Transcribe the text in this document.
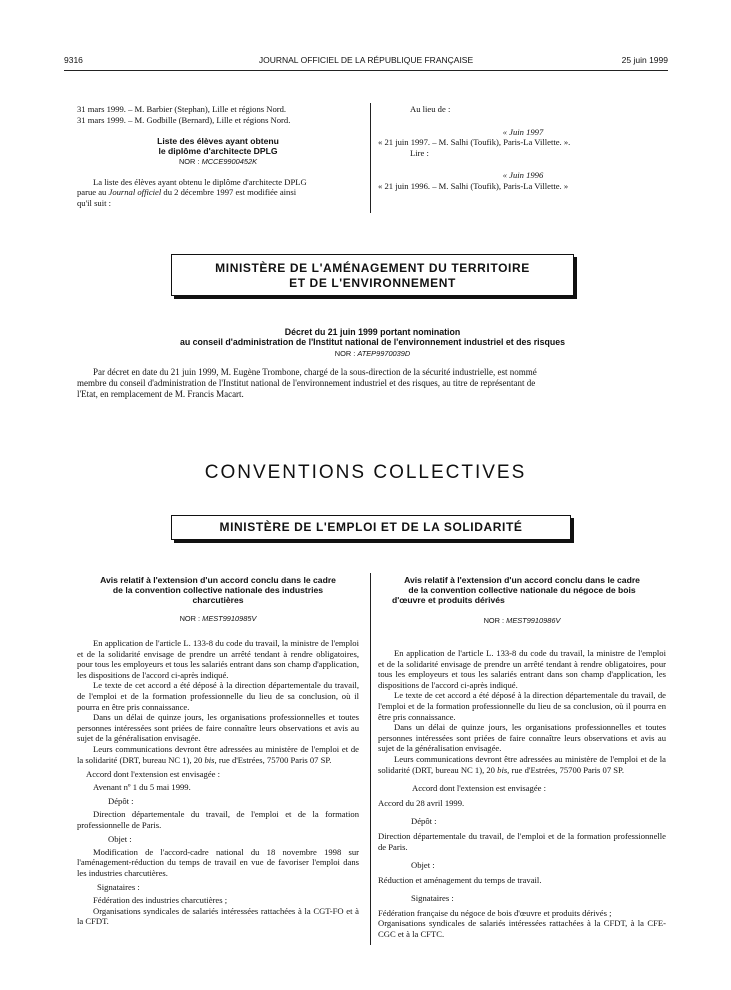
9316	JOURNAL OFFICIEL DE LA RÉPUBLIQUE FRANÇAISE	25 juin 1999
31 mars 1999. – M. Barbier (Stephan), Lille et régions Nord.
31 mars 1999. – M. Godbille (Bernard), Lille et régions Nord.
Liste des élèves ayant obtenu
le diplôme d'architecte DPLG
NOR : MCCE9900452K
La liste des élèves ayant obtenu le diplôme d'architecte DPLG
parue au Journal officiel du 2 décembre 1997 est modifiée ainsi
qu'il suit :
Au lieu de :
« Juin 1997
« 21 juin 1997. – M. Salhi (Toufik), Paris-La Villette. ».
Lire :
« Juin 1996
« 21 juin 1996. – M. Salhi (Toufik), Paris-La Villette. »
MINISTÈRE DE L'AMÉNAGEMENT DU TERRITOIRE
ET DE L'ENVIRONNEMENT
Décret du 21 juin 1999 portant nomination
au conseil d'administration de l'Institut national de l'environnement industriel et des risques
NOR : ATEP9970039D
Par décret en date du 21 juin 1999, M. Eugène Trombone, chargé de la sous-direction de la sécurité industrielle, est nommé
membre du conseil d'administration de l'Institut national de l'environnement industriel et des risques, au titre de représentant de
l'Etat, en remplacement de M. Francis Macart.
CONVENTIONS COLLECTIVES
MINISTÈRE DE L'EMPLOI ET DE LA SOLIDARITÉ
Avis relatif à l'extension d'un accord conclu dans le cadre
de la convention collective nationale des industries
charcutières
NOR : MEST9910985V
En application de l'article L. 133-8 du code du travail, la ministre de l'emploi et de la solidarité envisage de prendre un arrêté tendant à rendre obligatoires, pour tous les employeurs et tous les salariés entrant dans son champ d'application, les dispositions de l'accord ci-après indiqué.
Le texte de cet accord a été déposé à la direction départementale du travail, de l'emploi et de la formation professionnelle du lieu de sa conclusion, où il pourra en être pris connaissance.
Dans un délai de quinze jours, les organisations professionnelles et toutes personnes intéressées sont priées de faire connaître leurs observations et avis au sujet de la généralisation envisagée.
Leurs communications devront être adressées au ministère de l'emploi et de la solidarité (DRT, bureau NC 1), 20 bis, rue d'Estrées, 75700 Paris 07 SP.
Accord dont l'extension est envisagée :
Avenant nº 1 du 5 mai 1999.
Dépôt :
Direction départementale du travail, de l'emploi et de la formation professionnelle de Paris.
Objet :
Modification de l'accord-cadre national du 18 novembre 1998 sur l'aménagement-réduction du temps de travail en vue de favoriser l'emploi dans les industries charcutières.
Signataires :
Fédération des industries charcutières ;
Organisations syndicales de salariés intéressées rattachées à la CGT-FO et à la CFDT.
Avis relatif à l'extension d'un accord conclu dans le cadre
de la convention collective nationale du négoce de bois
d'œuvre et produits dérivés
NOR : MEST9910986V
En application de l'article L. 133-8 du code du travail, la ministre de l'emploi et de la solidarité envisage de prendre un arrêté tendant à rendre obligatoires, pour tous les employeurs et tous les salariés entrant dans son champ d'application, les dispositions de l'accord ci-après indiqué.
Le texte de cet accord a été déposé à la direction départementale du travail, de l'emploi et de la formation professionnelle du lieu de sa conclusion, où il pourra en être pris connaissance.
Dans un délai de quinze jours, les organisations professionnelles et toutes personnes intéressées sont priées de faire connaître leurs observations et avis au sujet de la généralisation envisagée.
Leurs communications devront être adressées au ministère de l'emploi et de la solidarité (DRT, bureau NC 1), 20 bis, rue d'Estrées, 75700 Paris 07 SP.
Accord dont l'extension est envisagée :
Accord du 28 avril 1999.
Dépôt :
Direction départementale du travail, de l'emploi et de la formation professionnelle de Paris.
Objet :
Réduction et aménagement du temps de travail.
Signataires :
Fédération française du négoce de bois d'œuvre et produits dérivés ;
Organisations syndicales de salariés intéressées rattachées à la CFDT, à la CFE-CGC et à la CFTC.
